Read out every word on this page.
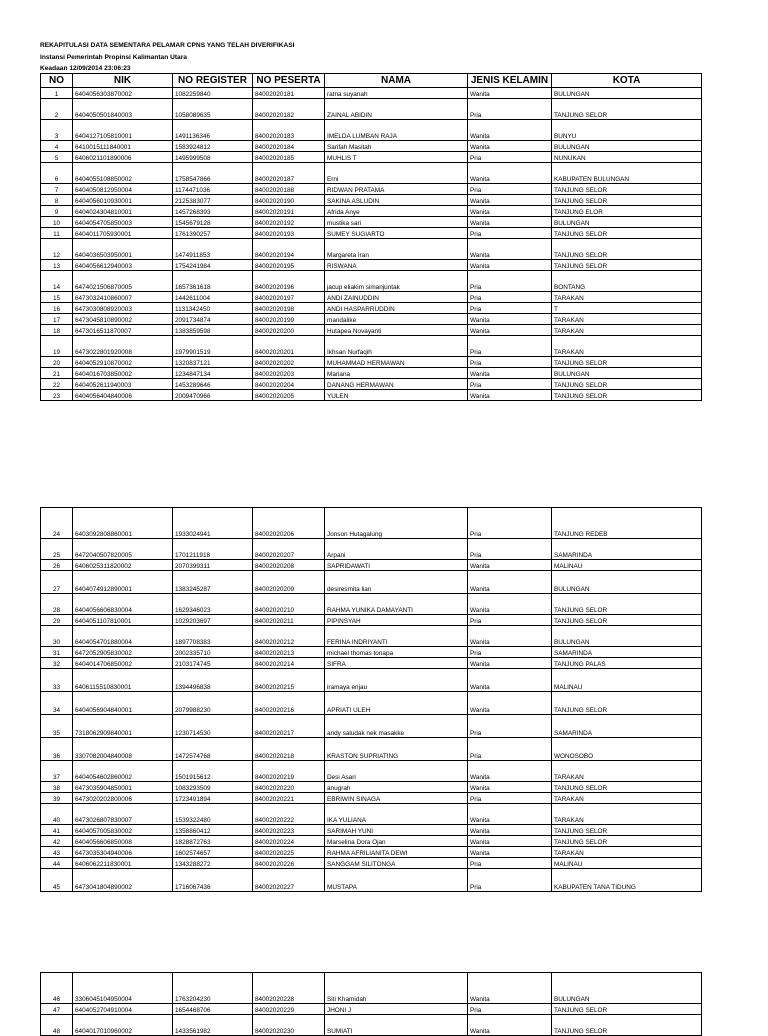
REKAPITULASI DATA SEMENTARA PELAMAR CPNS YANG TELAH DIVERIFIKASI
Instansi Pemerintah Propinsi Kalimantan Utara
Keadaan 12/09/2014 23:06:23
NO	NIK	NO REGISTER	NO PESERTA	NAMA	JENIS KELAMIN	KOTA
1	6404056303870002	1082259840	84002020181	ratna suyanah	Wanita	BULUNGAN
2	6404050501840003	1058089635	84002020182	ZAINAL ABIDIN	Pria	TANJUNG SELOR
3	6404127105810001	1491136346	84002020183	IMELDA LUMBAN RAJA	Wanita	BUNYU
4	6410015111840001	1583924812	84002020184	Sarifah Masitah	Wanita	BULUNGAN
5	6406021101890006	1495999508	84002020185	MUHLIS T	Pria	NUNUKAN
6	6404055108850002	1758547866	84002020187	Erni	Wanita	KABUPATEN BULUNGAN
7	6404050812950004	1174471036	84002020188	RIDWAN PRATAMA	Pria	TANJUNG SELOR
8	6404056010930001	2125383077	84002020190	SAKINA ASLUDIN	Wanita	TANJUNG SELOR
9	6404024304810001	1457268393	84002020191	Afrida Anye	Wanita	TANJUNG ELOR
10	6404054705850003	1545679128	84002020192	mustika sari	Wanita	BULUNGAN
11	6404011705930001	1761390257	84002020193	SUMEY SUGIARTO	Pria	TANJUNG SELOR
12	6404036503950001	1474911853	84002020194	Margareta Iran	Wanita	TANJUNG SELOR
13	6404056612940003	1754241984	84002020195	RISWANA	Wanita	TANJUNG SELOR
14	6474021506870005	1657361618	84002020196	jacup eliakim simanjuntak	Pria	BONTANG
15	6473032410860007	1442611004	84002020197	ANDI ZAINUDDIN	Pria	TARAKAN
16	6473030808920003	1131342450	84002020198	ANDI HASPARRUDDIN	Pria	T
17	6473045810890002	2091734874	84002020199	mandalike	Wanita	TARAKAN
18	6473016511870007	1383859598	84002020200	Hutapea Novayanti	Wanita	TARAKAN
19	6473022801920008	1979901519	84002020201	Ikhsan Nurfaqih	Pria	TARAKAN
20	6404052910870002	1320837121	84002020202	MUHAMMAD HERMAWAN	Pria	TANJUNG SELOR
21	6404016703850002	1234847134	84002020203	Mariana	Wanita	BULUNGAN
22	6404052611940003	1453289646	84002020204	DANANG HERMAWAN	Pria	TANJUNG SELOR
23	6404056404840006	2009470966	84002020205	YULEN	Wanita	TANJUNG SELOR
24	6403092808860001	1933024941	84002020206	Jonson Hutagalung	Pria	TANJUNG REDEB
25	6472040507820005	1701211918	84002020207	Arpani	Pria	SAMARINDA
26	6406025311820002	2070399311	84002020208	SAPRIDAWATI	Wanita	MALINAU
27	6404074912890001	1383245287	84002020209	desiresmita lian	Wanita	BULUNGAN
28	6404056606830004	1629346023	84002020210	RAHMA YUNIKA DAMAYANTI	Wanita	TANJUNG SELOR
29	6404051107810001	1029203697	84002020211	PIPINSYAH	Pria	TANJUNG SELOR
30	6404054701880004	1897708383	84002020212	FERINA INDRIYANTI	Wanita	BULUNGAN
31	6472052905830002	2002335710	84002020213	michael thomas tonapa	Pria	SAMARINDA
32	6404014706850002	2103174745	84002020214	SIFRA	Wanita	TANJUNG PALAS
33	6406115510830001	1394496838	84002020215	iramaya enjau	Wanita	MALINAU
34	6404056904840001	2079988230	84002020216	APRIATI ULEH	Wanita	TANJUNG SELOR
35	7318062909840001	1230714530	84002020217	andy saludak nek masakke	Pria	SAMARINDA
36	3307082004840008	1472574768	84002020218	KRASTON SUPRIATING	Pria	WONOSOBO
37	6404054602860002	1501915612	84002020219	Desi Asari	Wanita	TARAKAN
38	6473035904850001	1083293509	84002020220	anugrah	Wanita	TANJUNG SELOR
39	6473020202800006	1723491894	84002020221	EBRIWIN SINAGA	Pria	TARAKAN
40	6473026807830007	1539322480	84002020222	IKA YULIANA	Wanita	TARAKAN
41	6404057005830002	1358860412	84002020223	SARIMAH YUNI	Wanita	TANJUNG SELOR
42	6404056606850008	1828872763	84002020224	Marselina Dora Ojan	Wanita	TANJUNG SELOR
43	6473035304940006	1602574657	84002020225	RAHMA AFRILIANITA DEWI	Wanita	TARAKAN
44	6406062211830001	1343288272	84002020226	SANGGAM SILITONGA	Pria	MALINAU
45	6473041804890002	1716067436	84002020227	MUSTAPA	Pria	KABUPATEN TANA TIDUNG
46	3306045104950004	1763204230	84002020228	Siti Khamidah	Wanita	BULUNGAN
47	6404052704910004	1654468706	84002020229	JHONI J	Pria	TANJUNG SELOR
48	6404017010960002	1433561982	84002020230	SUMIATI	Wanita	TANJUNG SELOR
